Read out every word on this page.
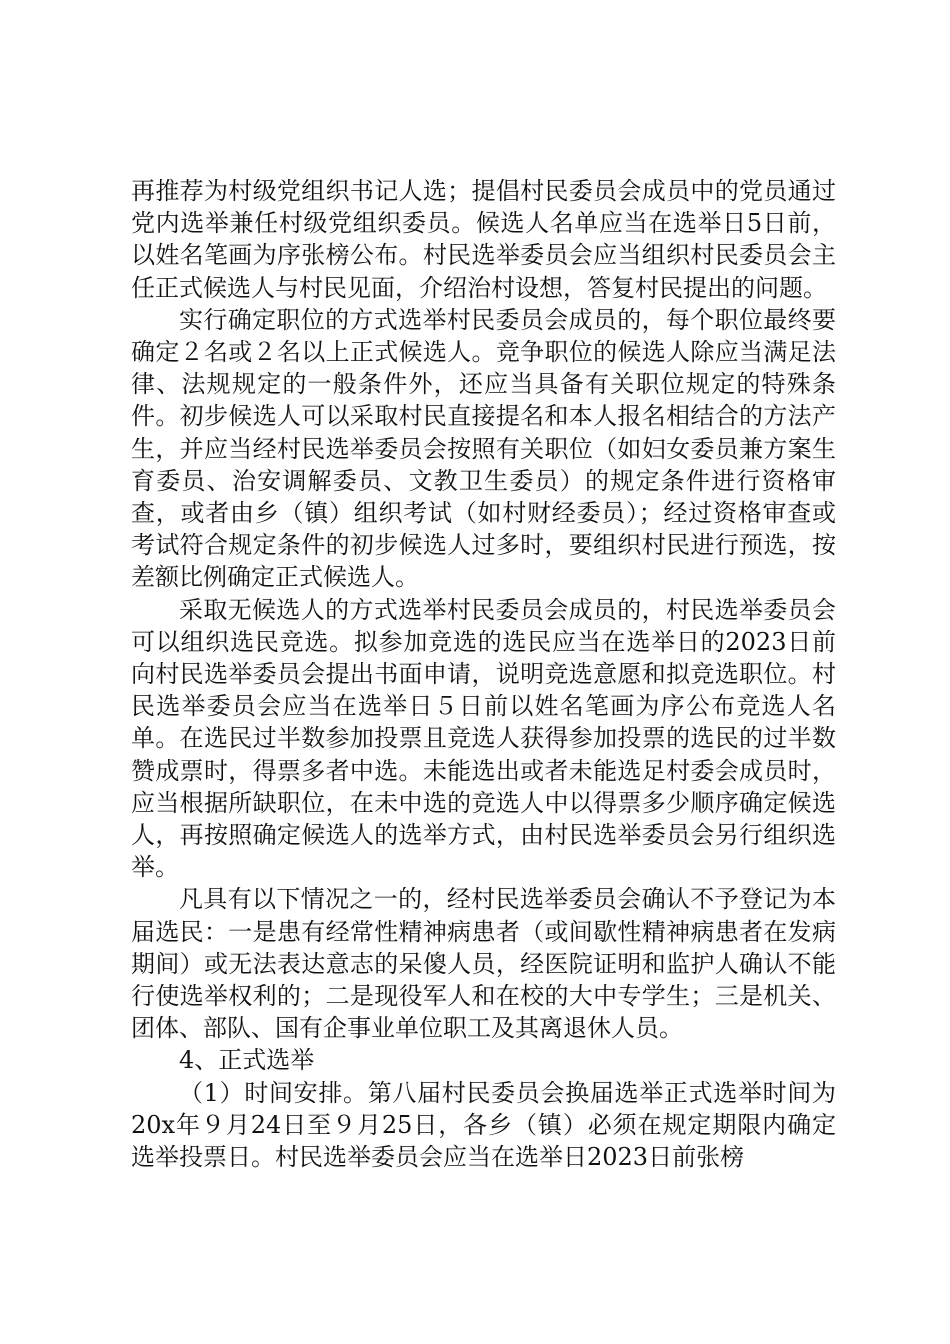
再推荐为村级党组织书记人选；提倡村民委员会成员中的党员通过党内选举兼任村级党组织委员。候选人名单应当在选举日5日前，以姓名笔画为序张榜公布。村民选举委员会应当组织村民委员会主任正式候选人与村民见面，介绍治村设想，答复村民提出的问题。

实行确定职位的方式选举村民委员会成员的，每个职位最终要确定２名或２名以上正式候选人。竞争职位的候选人除应当满足法律、法规规定的一般条件外，还应当具备有关职位规定的特殊条件。初步候选人可以采取村民直接提名和本人报名相结合的方法产生，并应当经村民选举委员会按照有关职位（如妇女委员兼方案生育委员、治安调解委员、文教卫生委员）的规定条件进行资格审查，或者由乡（镇）组织考试（如村财经委员）；经过资格审查或考试符合规定条件的初步候选人过多时，要组织村民进行预选，按差额比例确定正式候选人。

采取无候选人的方式选举村民委员会成员的，村民选举委员会可以组织选民竞选。拟参加竞选的选民应当在选举日的2023日前向村民选举委员会提出书面申请，说明竞选意愿和拟竞选职位。村民选举委员会应当在选举日５日前以姓名笔画为序公布竞选人名单。在选民过半数参加投票且竞选人获得参加投票的选民的过半数赞成票时，得票多者中选。未能选出或者未能选足村委会成员时，应当根据所缺职位，在未中选的竞选人中以得票多少顺序确定候选人，再按照确定候选人的选举方式，由村民选举委员会另行组织选举。

凡具有以下情况之一的，经村民选举委员会确认不予登记为本届选民：一是患有经常性精神病患者（或间歇性精神病患者在发病期间）或无法表达意志的呆傻人员，经医院证明和监护人确认不能行使选举权利的；二是现役军人和在校的大中专学生；三是机关、团体、部队、国有企事业单位职工及其离退休人员。

4、正式选举

（1）时间安排。第八届村民委员会换届选举正式选举时间为20x年９月24日至９月25日，各乡（镇）必须在规定期限内确定选举投票日。村民选举委员会应当在选举日2023日前张榜
